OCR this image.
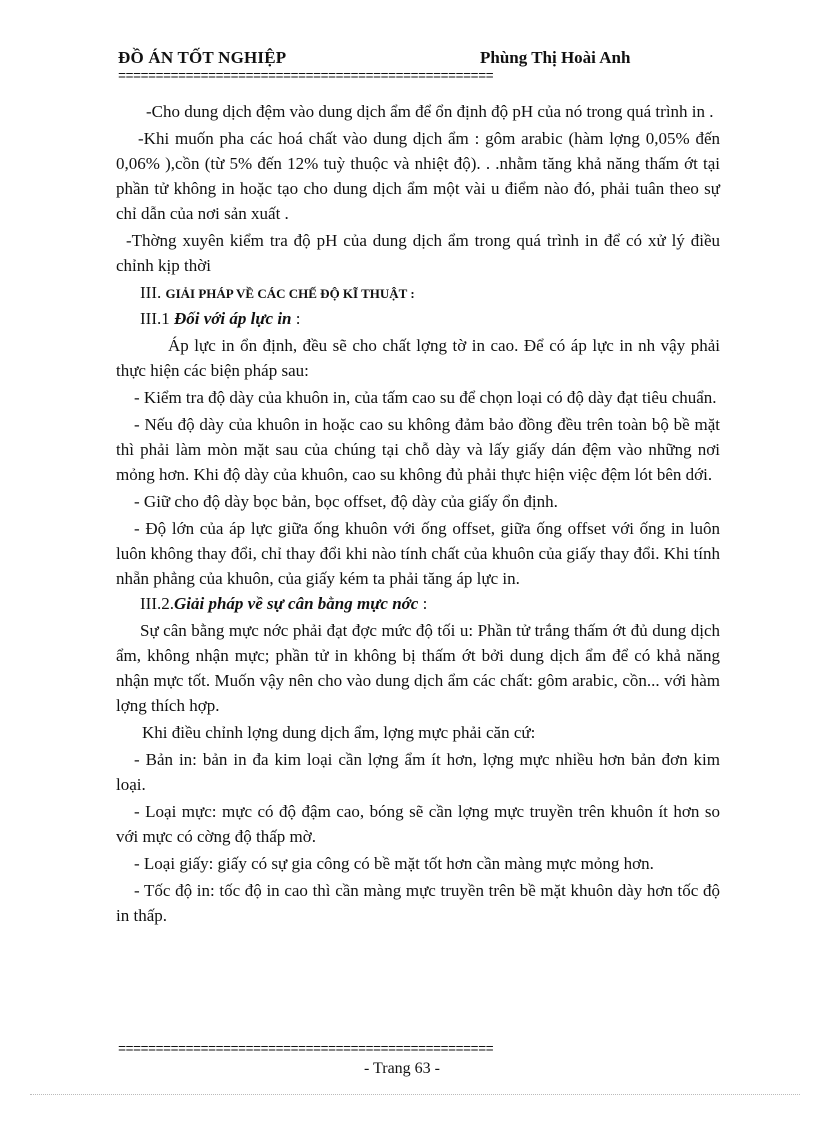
ĐỒ ÁN TỐT NGHIỆP	Phùng Thị Hoài Anh
==================================================

-Cho dung dịch đệm vào dung dịch ẩm để ổn định độ pH của nó trong quá trình in .

-Khi muốn pha các hoá chất vào dung dịch ẩm : gôm arabic (hàm lợng 0,05% đến 0,06% ),cồn (từ 5% đến 12% tuỳ thuộc và nhiệt độ). . .nhằm tăng khả năng thấm ớt tại phần tử không in hoặc tạo cho dung dịch ẩm một vài u điểm nào đó, phải tuân theo sự chỉ dẫn của nơi sản xuất .

-Thờng xuyên kiểm tra độ pH của dung dịch ẩm trong quá trình in để có xử lý điều chỉnh kịp thời

III. GIẢI PHÁP VỀ CÁC CHẾ ĐỘ KĨ THUẬT :

III.1 Đối với áp lực in :

Áp lực in ổn định, đều sẽ cho chất lợng tờ in cao. Để có áp lực in nh vậy phải thực hiện các biện pháp sau:

- Kiểm tra độ dày của khuôn in, của tấm cao su để chọn loại có độ dày đạt tiêu chuẩn.

- Nếu độ dày của khuôn in hoặc cao su không đảm bảo đồng đều trên toàn bộ bề mặt thì phải làm mòn mặt sau của chúng tại chỗ dày và lấy giấy dán đệm vào những nơi mỏng hơn. Khi độ dày của khuôn, cao su không đủ phải thực hiện việc đệm lót bên dới.

- Giữ cho độ dày bọc bản, bọc offset, độ dày của giấy ổn định.

- Độ lớn của áp lực giữa ống khuôn với ống offset, giữa ống offset với ống in luôn luôn không thay đổi, chỉ thay đổi khi nào tính chất của khuôn của giấy thay đổi. Khi tính nhẵn phẳng của khuôn, của giấy kém ta phải tăng áp lực in.

III.2.Giải pháp về sự cân bằng mực nớc :

Sự cân bằng mực nớc phải đạt đợc mức độ tối u: Phần tử trắng thấm ớt đủ dung dịch ẩm, không nhận mực; phần tử in không bị thấm ớt bởi dung dịch ẩm để có khả năng nhận mực tốt. Muốn vậy nên cho vào dung dịch ẩm các chất: gôm arabic, cồn... với hàm lợng thích hợp.

Khi điều chỉnh lợng dung dịch ẩm, lợng mực phải căn cứ:

- Bản in: bản in đa kim loại cần lợng ẩm ít hơn, lợng mực nhiều hơn bản đơn kim loại.

- Loại mực: mực có độ đậm cao, bóng sẽ cần lợng mực truyền trên khuôn ít hơn so với mực có cờng độ thấp mờ.

- Loại giấy: giấy có sự gia công có bề mặt tốt hơn cần màng mực mỏng hơn.

- Tốc độ in: tốc độ in cao thì cần màng mực truyền trên bề mặt khuôn dày hơn tốc độ in thấp.

==================================================
- Trang 63 -
